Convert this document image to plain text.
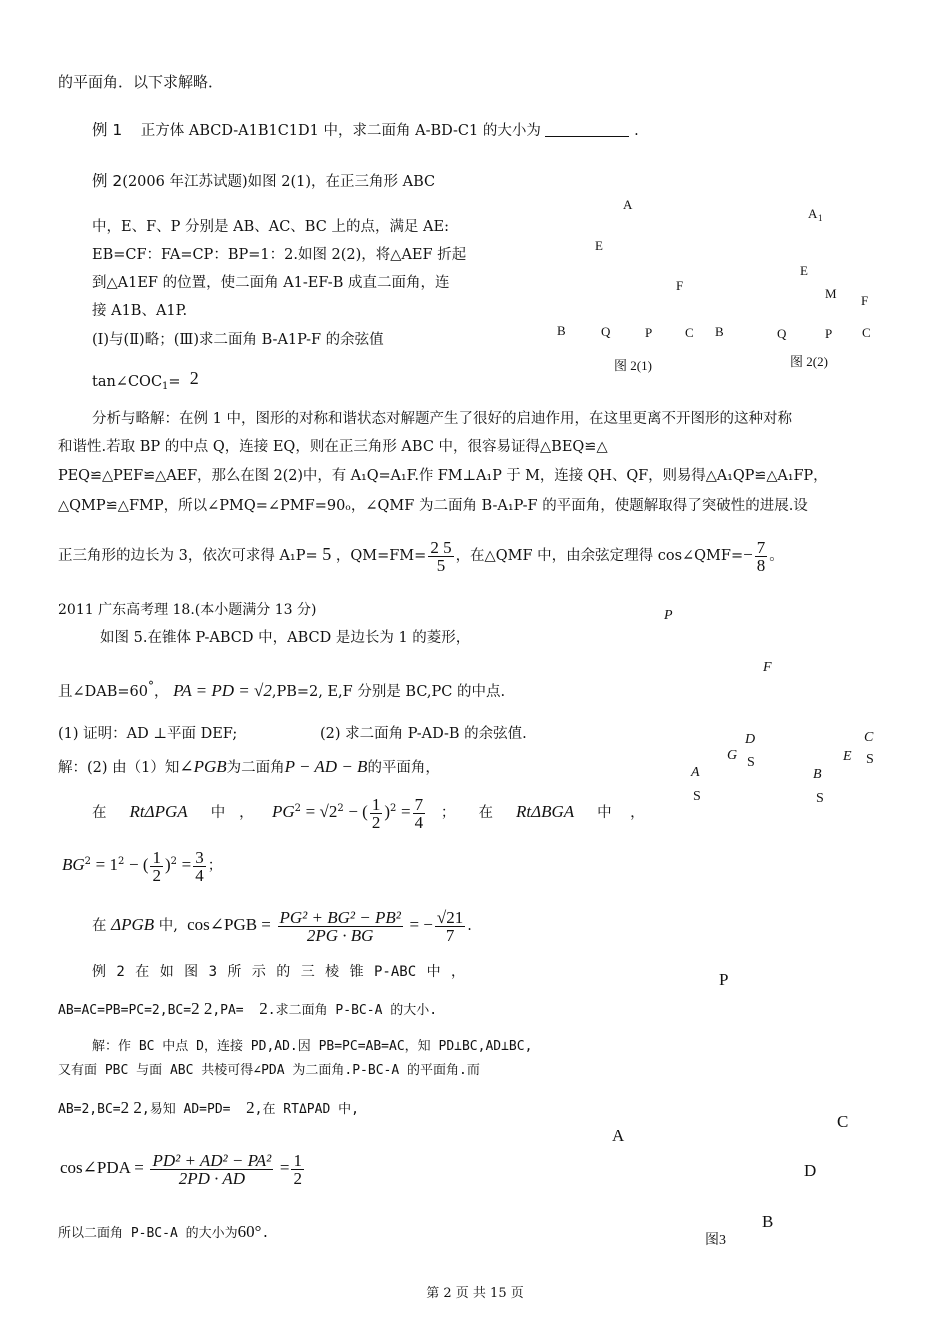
的平面角．以下求解略．
例 1 正方体 ABCD-A1B1C1D1 中，求二面角 A-BD-C1 的大小为	.
例 2(2006 年江苏试题)如图 2(1)，在正三角形 ABC
中，E、F、P 分别是 AB、AC、BC 上的点，满足 AE:
EB=CF：FA=CP：BP=1：2.如图 2(2)，将△AEF 折起
到△A1EF 的位置，使二面角 A1-EF-B 成直二面角，连
接 A1B、A1P.
(Ⅰ)与(Ⅱ)略；(Ⅲ)求二面角 B-A1P-F 的余弦值
$\tan\angle COC_1= 2$
A
E
F
B	Q	P	C
图 2(1)
A 1
E
M F
B	Q	P C
图 2(2)
分析与略解：在例 1 中，图形的对称和谐状态对解题产生了很好的启迪作用，在这里更离不开图形的这种对称
和谐性.若取 BP 的中点 Q，连接 EQ，则在正三角形 ABC 中，很容易证得△BEQ≌△
PEQ≌△PEF≌△AEF，那么在图 2(2)中，有 A₁Q=A₁F.作 FM⊥A₁P 于 M，连接 QH、QF，则易得△A₁QP≌△A₁FP，
△QMP≌△FMP，所以∠PMQ=∠PMF=90ₒ，∠QMF 为二面角 B-A₁P-F 的平面角，使题解取得了突破性的进展.设
正三角形的边长为 3，依次可求得 A₁P= 5 ，$QM=FM= \frac{2 5}{5}$ ，在△QMF 中，由余弦定理得 cos∠QMF=− $\frac{7}{8}$ 。
2011 广东高考理 18.(本小题满分 13 分)
如图 5.在锥体 P-ABCD 中，ABCD 是边长为 1 的菱形，
且∠DAB=60°， PA = PD = √2,PB=2, E,F 分别是 BC,PC 的中点.
(1) 证明：AD ⊥平面 DEF;	(2) 求二面角 P-AD-B 的余弦值.
解：(2) 由（1）知∠PGB为二面角P − AD − B的平面角，
在 RtΔPGA 中 ， $PG^2 = √2^2$ − ( $\frac{1}{2} )^2 = \frac{7}{4}$ ； 在 RtΔBGA 中 ，
$BG^2 = 1^2$ − ( $\frac{1}{2} )^2 = \frac{3}{4}$ ；
在 ΔPGB 中, cos∠PGB = $\frac{\text{PG² + BG² − PB²}}{2PG \cdot BG}$ = − $\frac{√21}{7}$ .
P
F
D
G S
C
E S
A
S
B
S
例 2 在 如 图 3 所 示 的 三 棱 锥 P-ABC 中 ，
AB=AC=PB=PC=2,BC=2 2,PA= 2.求二面角 P-BC-A 的大小.
解：作 BC 中点 D，连接 PD,AD.因 PB=PC=AB=AC，知 PD⊥BC,AD⊥BC,
又有面 PBC 与面 ABC 共棱可得∠PDA 为二面角.P-BC-A 的平面角.而
AB=2,BC=2 2,易知 AD=PD= 2,在 RTΔPAD 中,
cos∠PDA = $\frac{\text{PD² + AD² − PA²}}{2PD \cdot AD} = \frac{1}{2}$
所以二面角 P-BC-A 的大小为60°.
P
A
C
D
B
图3
第 2 页 共 15 页
